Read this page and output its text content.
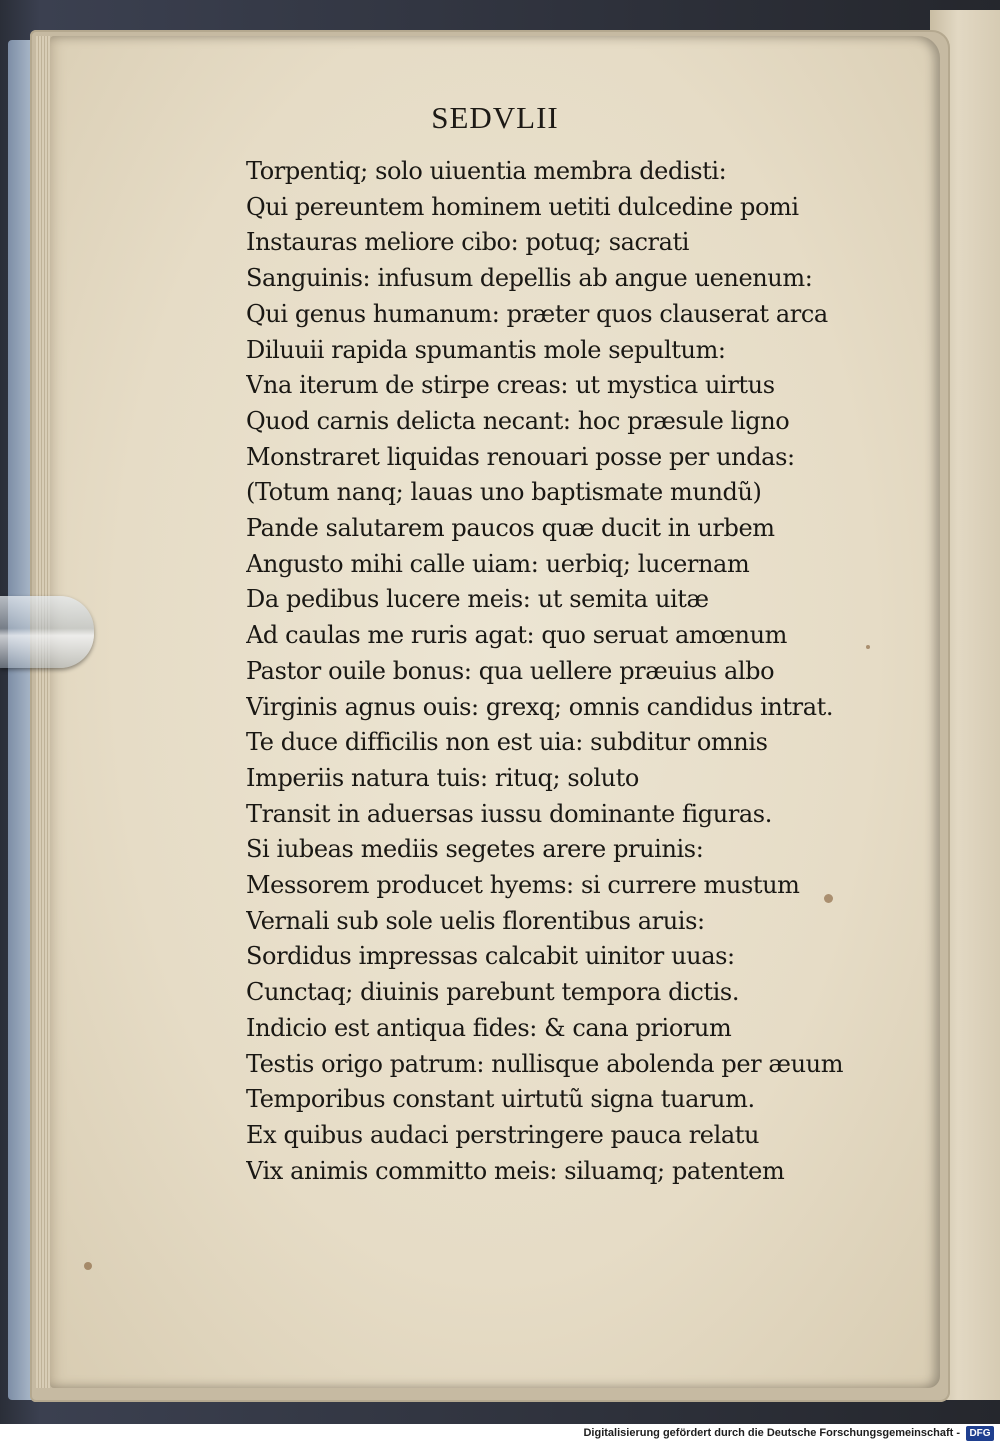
SEDVLII
Torpentiq; solo uiuentia membra dedisti:
Qui pereuntem hominem uetiti dulcedine pomi
Instauras meliore cibo: potuq; sacrati
Sanguinis: infusum depellis ab angue uenenum:
Qui genus humanum: præter quos clauserat arca
Diluuii rapida spumantis mole sepultum:
Vna iterum de stirpe creas: ut mystica uirtus
Quod carnis delicta necant: hoc præsule ligno
Monstraret liquidas renouari posse per undas:
(Totum nanq; lauas uno baptismate mundũ)
Pande salutarem paucos quæ ducit in urbem
Angusto mihi calle uiam: uerbiq; lucernam
Da pedibus lucere meis: ut semita uitæ
Ad caulas me ruris agat: quo seruat amœnum
Pastor ouile bonus: qua uellere præuius albo
Virginis agnus ouis: grexq; omnis candidus intrat.
Te duce difficilis non est uia: subditur omnis
Imperiis natura tuis: rituq; soluto
Transit in aduersas iussu dominante figuras.
Si iubeas mediis segetes arere pruinis:
Messorem producet hyems: si currere mustum
Vernali sub sole uelis florentibus aruis:
Sordidus impressas calcabit uinitor uuas:
Cunctaq; diuinis parebunt tempora dictis.
Indicio est antiqua fides: & cana priorum
Testis origo patrum: nullisque abolenda per æuum
Temporibus constant uirtutũ signa tuarum.
Ex quibus audaci perstringere pauca relatu
Vix animis committo meis: siluamq; patentem
Digitalisierung gefördert durch die Deutsche Forschungsgemeinschaft - DFG
